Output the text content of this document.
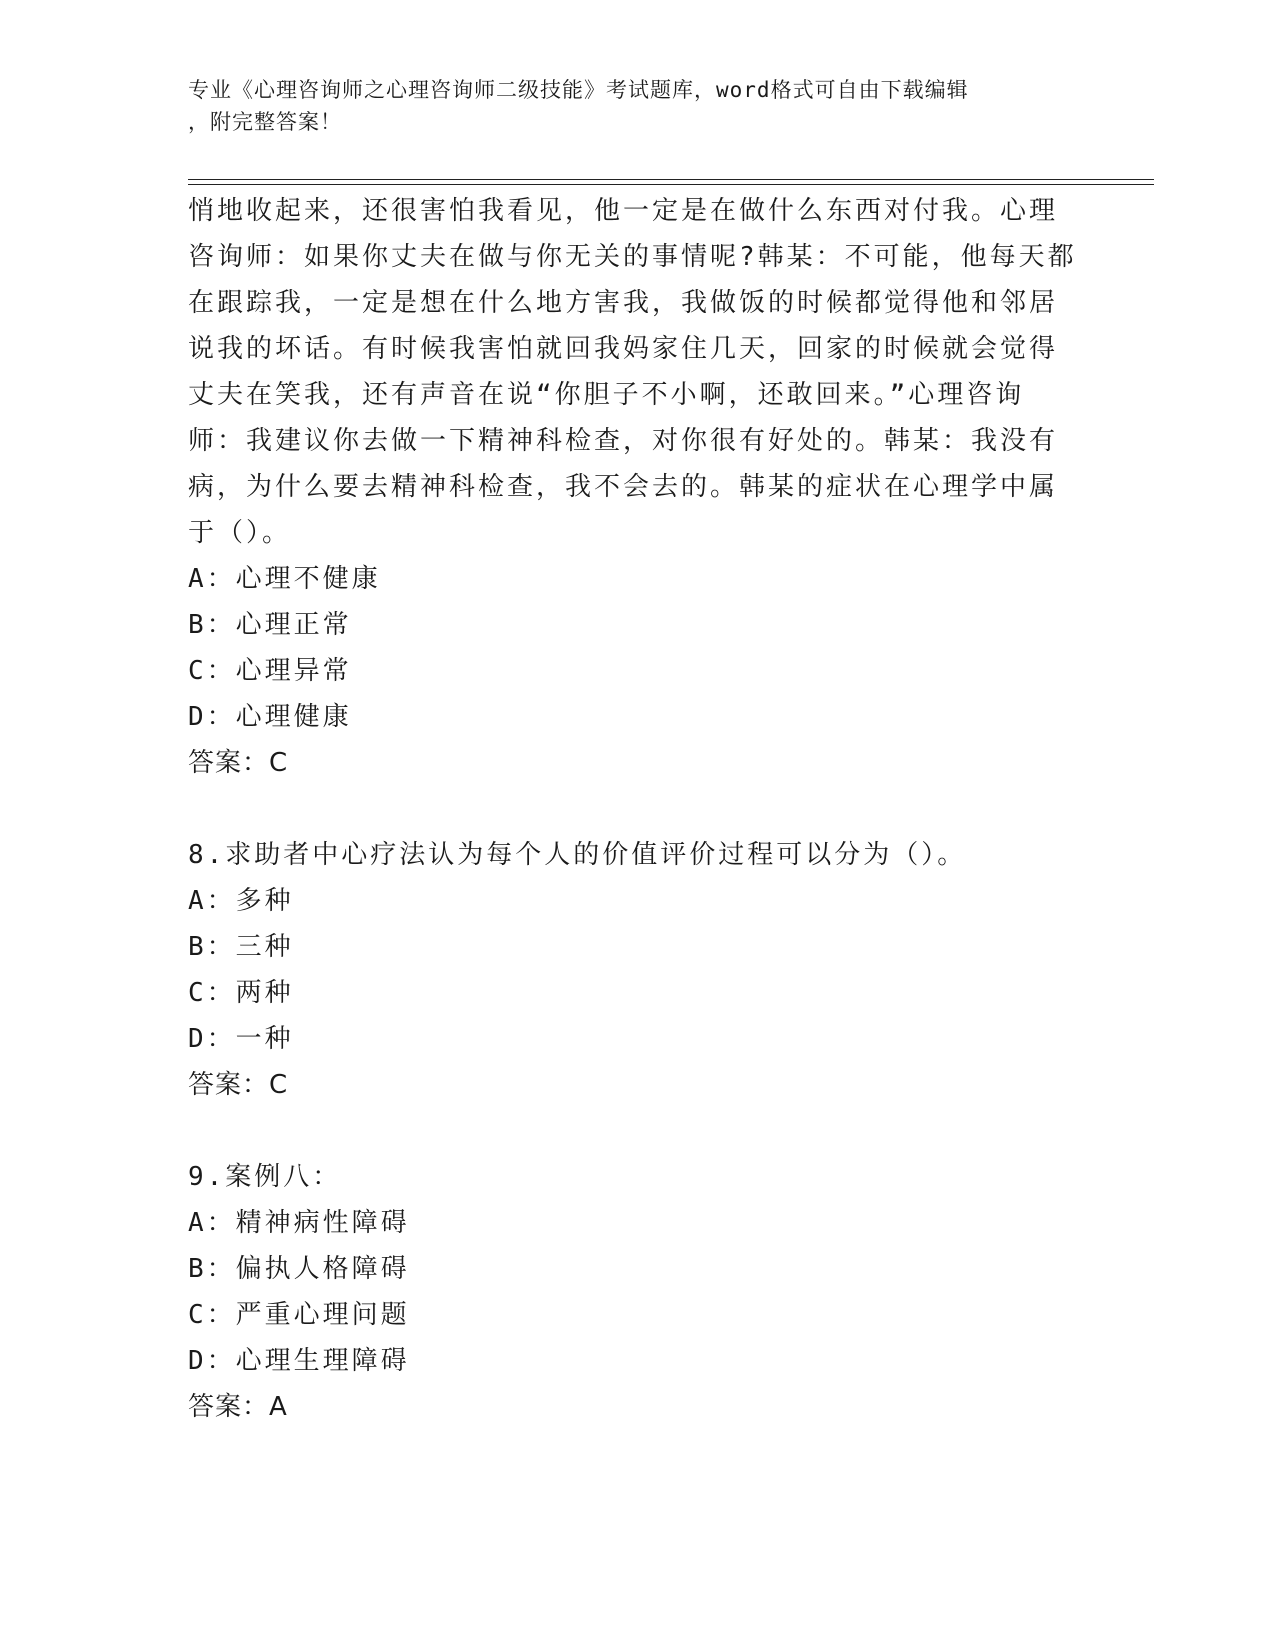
专业《心理咨询师之心理咨询师二级技能》考试题库，word格式可自由下载编辑
，附完整答案！
悄地收起来，还很害怕我看见，他一定是在做什么东西对付我。心理
咨询师：如果你丈夫在做与你无关的事情呢?韩某：不可能，他每天都
在跟踪我，一定是想在什么地方害我，我做饭的时候都觉得他和邻居
说我的坏话。有时候我害怕就回我妈家住几天，回家的时候就会觉得
丈夫在笑我，还有声音在说“你胆子不小啊，还敢回来。”心理咨询
师：我建议你去做一下精神科检查，对你很有好处的。韩某：我没有
病，为什么要去精神科检查，我不会去的。韩某的症状在心理学中属
于（）。
A：心理不健康
B：心理正常
C：心理异常
D：心理健康
答案：C
8.求助者中心疗法认为每个人的价值评价过程可以分为（）。
A：多种
B：三种
C：两种
D：一种
答案：C
9.案例八：
A：精神病性障碍
B：偏执人格障碍
C：严重心理问题
D：心理生理障碍
答案：A
